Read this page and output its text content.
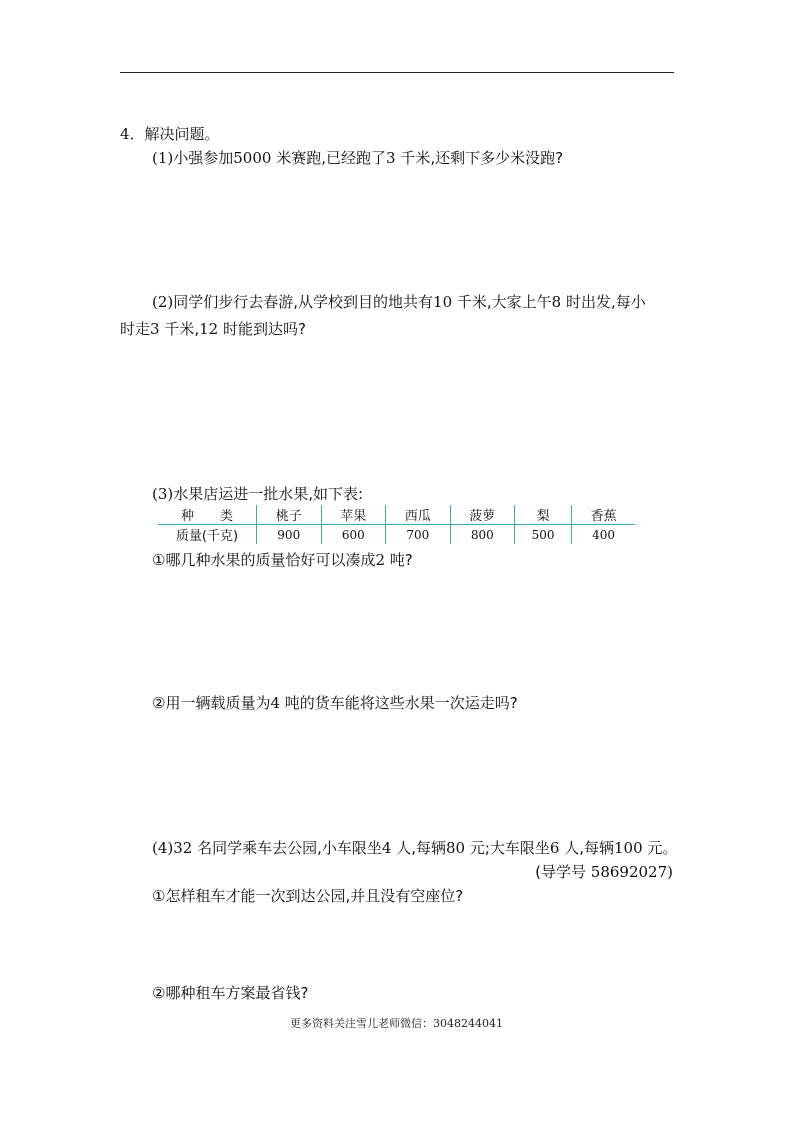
4．解决问题。
(1)小强参加5000 米赛跑,已经跑了3 千米,还剩下多少米没跑?
(2)同学们步行去春游,从学校到目的地共有10 千米,大家上午8 时出发,每小
时走3 千米,12 时能到达吗?
(3)水果店运进一批水果,如下表:
种　　类	桃子	苹果	西瓜	菠萝	梨	香蕉
质量(千克)	900	600	700	800	500	400
①哪几种水果的质量恰好可以凑成2 吨?
②用一辆载质量为4 吨的货车能将这些水果一次运走吗?
(4)32 名同学乘车去公园,小车限坐4 人,每辆80 元;大车限坐6 人,每辆100 元。
(导学号 58692027)
①怎样租车才能一次到达公园,并且没有空座位?
②哪种租车方案最省钱?
更多资料关注雪儿老师微信：3048244041
